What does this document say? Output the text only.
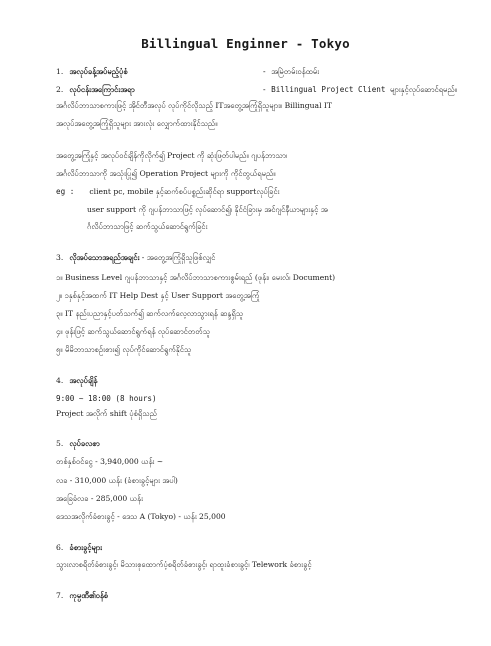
Billingual Enginner - Tokyo
1. အလုပ်ခန့်အပ်မည့်ပုံစံ	- အမြဲတမ်းဝန်ထမ်း
2. လုပ်ငန်းအကြောင်းအရာ	- Billingual Project Client များနှင့်လုပ်ဆောင်ရမည်။
အင်္ဂလိပ်ဘာသာစကားဖြင့် အိုင်တီအလုပ် လုပ်ကိုင်လိုသည့် ITအတွေ့အကြုံရှိသူများ။ Billingual IT
အလုပ်အတွေ့အကြုံရှိသူများ အားလုံး လျှောက်ထားနိုင်သည်။
အတွေ့အကြုံနှင့် အလုပ်ဝင်ချိန်ကိုလိုက်၍ Project ကို ဆုံးဖြတ်ပါမည်။ ဂျပန်ဘာသာ၊
အင်္ဂလိပ်ဘာသာကို အသုံးပြု၍ Operation Project များကို ကိုင်တွယ်ရမည်။
eg : client pc, mobile နှင့်ဆက်စပ်ပစ္စည်းဆိုင်ရာ supportလုပ်ခြင်း
user support ကို ဂျပန်ဘာသာဖြင့် လုပ်ဆောင်၍၊ နိုင်ငံခြားမှ အင်ဂျင်နီယာများနှင့် အ
င်္ဂလိပ်ဘာသာဖြင့် ဆက်သွယ်ဆောင်ရွက်ခြင်း
3. လိုအပ်သောအရည်အချင်း - အတွေ့အကြုံရှိသူဖြစ်လျှင်
၁။ Business Level ဂျပန်ဘာသာနှင့် အင်္ဂလိပ်ဘာသာစကားစွမ်းရည် (ဖုန်း၊ မေးလ်၊ Document)
၂။ ၁နှစ်နှင့်အထက် IT Help Dest နှင့် User Support အတွေ့အကြုံ
၃။ IT နည်းပညာနှင့်ပတ်သက်၍ ဆက်လက်လေ့လာသွားရန် ဆန္ဒရှိသူ
၄။ ဖုန်းဖြင့် ဆက်သွယ်ဆောင်ရွက်ရန် လုပ်ဆောင်တတ်သူ
၅။ မိမိဘာသာစဉ်းစား၍ လုပ်ကိုင်ဆောင်ရွက်နိုင်သူ
4. အလုပ်ချိန်
9:00 ~ 18:00 (8 hours)
Project အလိုက် shift ပုံစံရှိသည်
5. လုပ်ခလစာ
တစ်နှစ်ဝင်ငွေ - 3,940,000 ယန်း ~
လခ - 310,000 ယန်း (ခံစားခွင့်များ အပါ)
အခြေခံလခ - 285,000 ယန်း
ဒေသအလိုက်ခံစားခွင့် - ဒေသ A (Tokyo) - ယန်း 25,000
6. ခံစားခွင့်များ
သွားလာစရိတ်ခံစားခွင့်၊ မိသားစုထောက်ပံ့စရိတ်ခံစားခွင့်၊ ရာထူးခံစားခွင့်၊ Telework ခံစားခွင့်
7. ကုမ္ပဏီ၏ဝန်စံ
